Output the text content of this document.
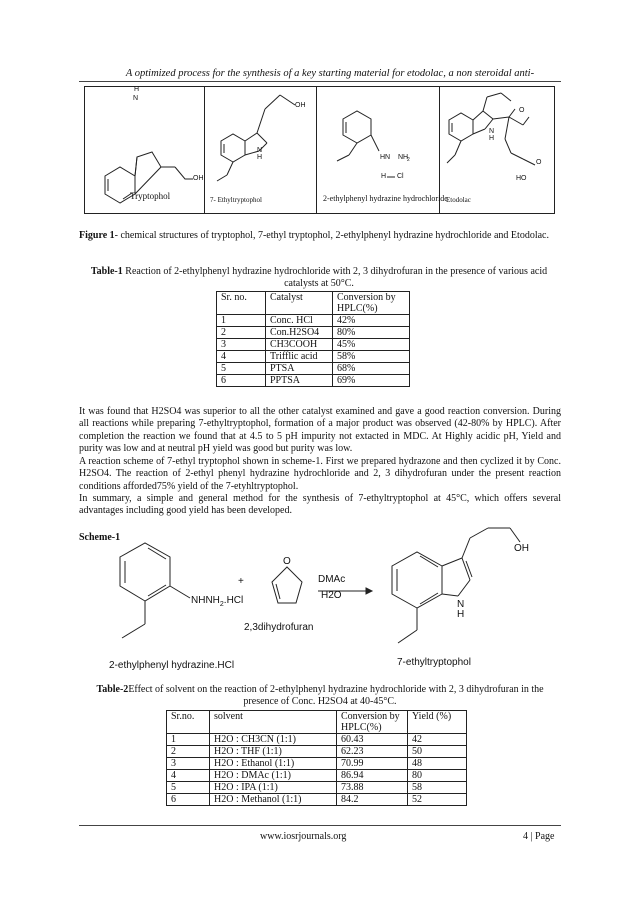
A optimized process for the synthesis of a key starting material for etodolac, a non steroidal anti-
H
N
OH
Tryptophol
OH
N
H
7- Ethyltryptophol
HN NH
2
H Cl
2-ethylphenyl hydrazine hydrochloride
O
N
H
O
HO
Etodolac
Figure 1- chemical structures of tryptophol, 7-ethyl tryptophol, 2-ethylphenyl hydrazine hydrochloride and Etodolac.
Table-1 Reaction of 2-ethylphenyl hydrazine hydrochloride with 2, 3 dihydrofuran in the presence of various acid catalysts at 50°C.
Sr. no.	Catalyst	Conversion by HPLC(%)
1	Conc. HCl	42%
2	Con.H2SO4	80%
3	CH3COOH	45%
4	Trifflic acid	58%
5	PTSA	68%
6	PPTSA	69%
It was found that H2SO4 was superior to all the other catalyst examined and gave a good reaction conversion. During all reactions while preparing 7-ethyltryptophol, formation of a major product was observed (42-80% by HPLC). After completion the reaction we found that at 4.5 to 5 pH impurity not extacted in MDC. At Highly acidic pH, Yield and purity was low and at neutral pH yield was good but purity was low.
A reaction scheme of 7-ethyl tryptophol shown in scheme-1. First we prepared hydrazone and then cyclized it by Conc. H2SO4. The reaction of 2-ethyl phenyl hydrazine hydrochloride and 2, 3 dihydrofuran under the present reaction conditions afforded75% yield of the 7-etyhltryptophol.
In summary, a simple and general method for the synthesis of 7-ethyltryptophol at 45°C, which offers several advantages including good yield has been developed.
Scheme-1
$NHNH_2.HCl$
+
O
2,3dihydrofuran
DMAc
H2O
OH
N
H
2-ethylphenyl hydrazine.HCl	7-ethyltryptophol
Table-2Effect of solvent on the reaction of 2-ethylphenyl hydrazine hydrochloride with 2, 3 dihydrofuran in the presence of Conc. H2SO4 at 40-45°C.
Sr.no.	solvent	Conversion by HPLC(%)	Yield (%)
1	H2O : CH3CN (1:1)	60.43	42
2	H2O : THF (1:1)	62.23	50
3	H2O : Ethanol (1:1)	70.99	48
4	H2O : DMAc (1:1)	86.94	80
5	H2O : IPA (1:1)	73.88	58
6	H2O : Methanol (1:1)	84.2	52
www.iosrjournals.org	4 | Page
